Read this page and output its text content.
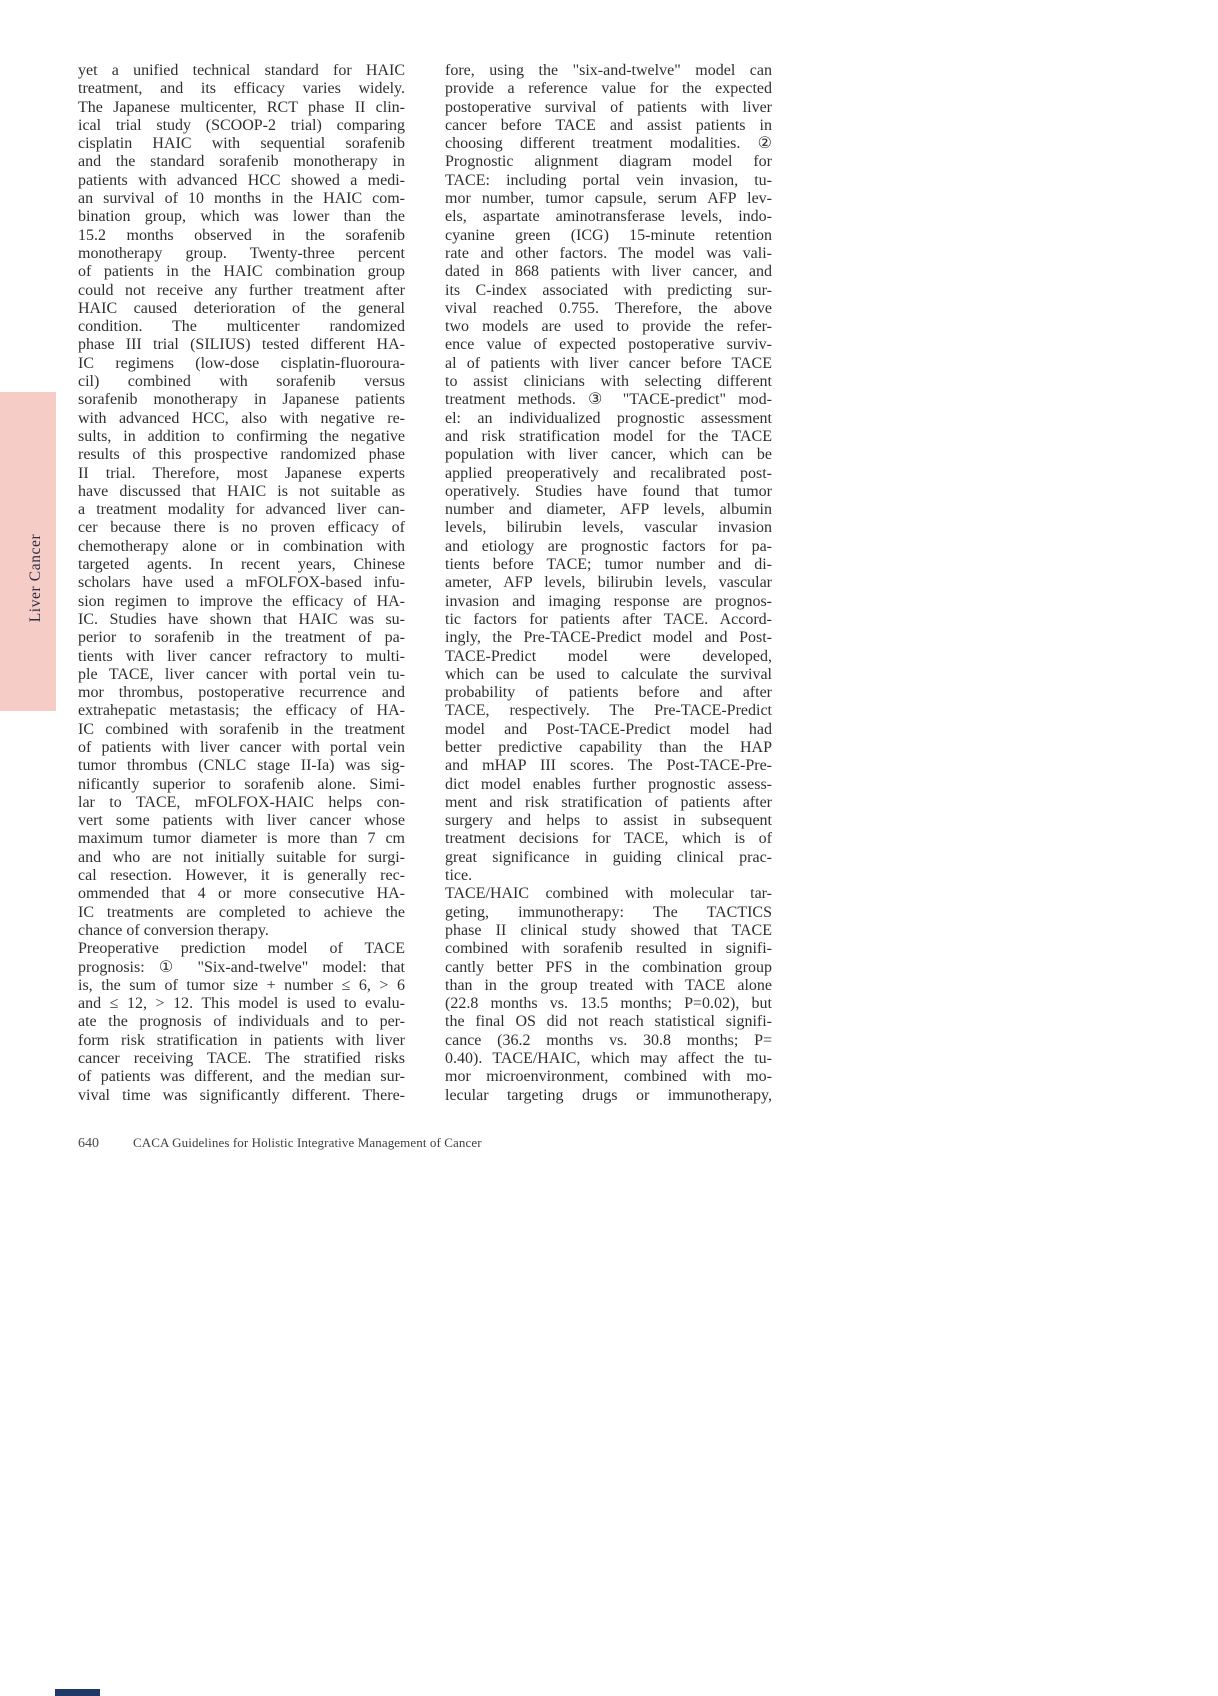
Liver Cancer
yet a unified technical standard for HAIC
treatment, and its efficacy varies widely.
The Japanese multicenter, RCT phase II clin-
ical trial study (SCOOP-2 trial) comparing
cisplatin HAIC with sequential sorafenib
and the standard sorafenib monotherapy in
patients with advanced HCC showed a medi-
an survival of 10 months in the HAIC com-
bination group, which was lower than the
15.2 months observed in the sorafenib
monotherapy group. Twenty-three percent
of patients in the HAIC combination group
could not receive any further treatment after
HAIC caused deterioration of the general
condition. The multicenter randomized
phase III trial (SILIUS) tested different HA-
IC regimens (low-dose cisplatin-fluoroura-
cil) combined with sorafenib versus
sorafenib monotherapy in Japanese patients
with advanced HCC, also with negative re-
sults, in addition to confirming the negative
results of this prospective randomized phase
II trial. Therefore, most Japanese experts
have discussed that HAIC is not suitable as
a treatment modality for advanced liver can-
cer because there is no proven efficacy of
chemotherapy alone or in combination with
targeted agents. In recent years, Chinese
scholars have used a mFOLFOX-based infu-
sion regimen to improve the efficacy of HA-
IC. Studies have shown that HAIC was su-
perior to sorafenib in the treatment of pa-
tients with liver cancer refractory to multi-
ple TACE, liver cancer with portal vein tu-
mor thrombus, postoperative recurrence and
extrahepatic metastasis; the efficacy of HA-
IC combined with sorafenib in the treatment
of patients with liver cancer with portal vein
tumor thrombus (CNLC stage II-Ia) was sig-
nificantly superior to sorafenib alone. Simi-
lar to TACE, mFOLFOX-HAIC helps con-
vert some patients with liver cancer whose
maximum tumor diameter is more than 7 cm
and who are not initially suitable for surgi-
cal resection. However, it is generally rec-
ommended that 4 or more consecutive HA-
IC treatments are completed to achieve the
chance of conversion therapy.
Preoperative prediction model of TACE
prognosis: ① "Six-and-twelve" model: that
is, the sum of tumor size + number ≤ 6, > 6
and ≤ 12, > 12. This model is used to evalu-
ate the prognosis of individuals and to per-
form risk stratification in patients with liver
cancer receiving TACE. The stratified risks
of patients was different, and the median sur-
vival time was significantly different. There-
fore, using the "six-and-twelve" model can
provide a reference value for the expected
postoperative survival of patients with liver
cancer before TACE and assist patients in
choosing different treatment modalities. ②
Prognostic alignment diagram model for
TACE: including portal vein invasion, tu-
mor number, tumor capsule, serum AFP lev-
els, aspartate aminotransferase levels, indo-
cyanine green (ICG) 15-minute retention
rate and other factors. The model was vali-
dated in 868 patients with liver cancer, and
its C-index associated with predicting sur-
vival reached 0.755. Therefore, the above
two models are used to provide the refer-
ence value of expected postoperative surviv-
al of patients with liver cancer before TACE
to assist clinicians with selecting different
treatment methods. ③ "TACE-predict" mod-
el: an individualized prognostic assessment
and risk stratification model for the TACE
population with liver cancer, which can be
applied preoperatively and recalibrated post-
operatively. Studies have found that tumor
number and diameter, AFP levels, albumin
levels, bilirubin levels, vascular invasion
and etiology are prognostic factors for pa-
tients before TACE; tumor number and di-
ameter, AFP levels, bilirubin levels, vascular
invasion and imaging response are prognos-
tic factors for patients after TACE. Accord-
ingly, the Pre-TACE-Predict model and Post-
TACE-Predict model were developed,
which can be used to calculate the survival
probability of patients before and after
TACE, respectively. The Pre-TACE-Predict
model and Post-TACE-Predict model had
better predictive capability than the HAP
and mHAP III scores. The Post-TACE-Pre-
dict model enables further prognostic assess-
ment and risk stratification of patients after
surgery and helps to assist in subsequent
treatment decisions for TACE, which is of
great significance in guiding clinical prac-
tice.
TACE/HAIC combined with molecular tar-
geting, immunotherapy: The TACTICS
phase II clinical study showed that TACE
combined with sorafenib resulted in signifi-
cantly better PFS in the combination group
than in the group treated with TACE alone
(22.8 months vs. 13.5 months; P=0.02), but
the final OS did not reach statistical signifi-
cance (36.2 months vs. 30.8 months; P=
0.40). TACE/HAIC, which may affect the tu-
mor microenvironment, combined with mo-
lecular targeting drugs or immunotherapy,
640	CACA Guidelines for Holistic Integrative Management of Cancer
